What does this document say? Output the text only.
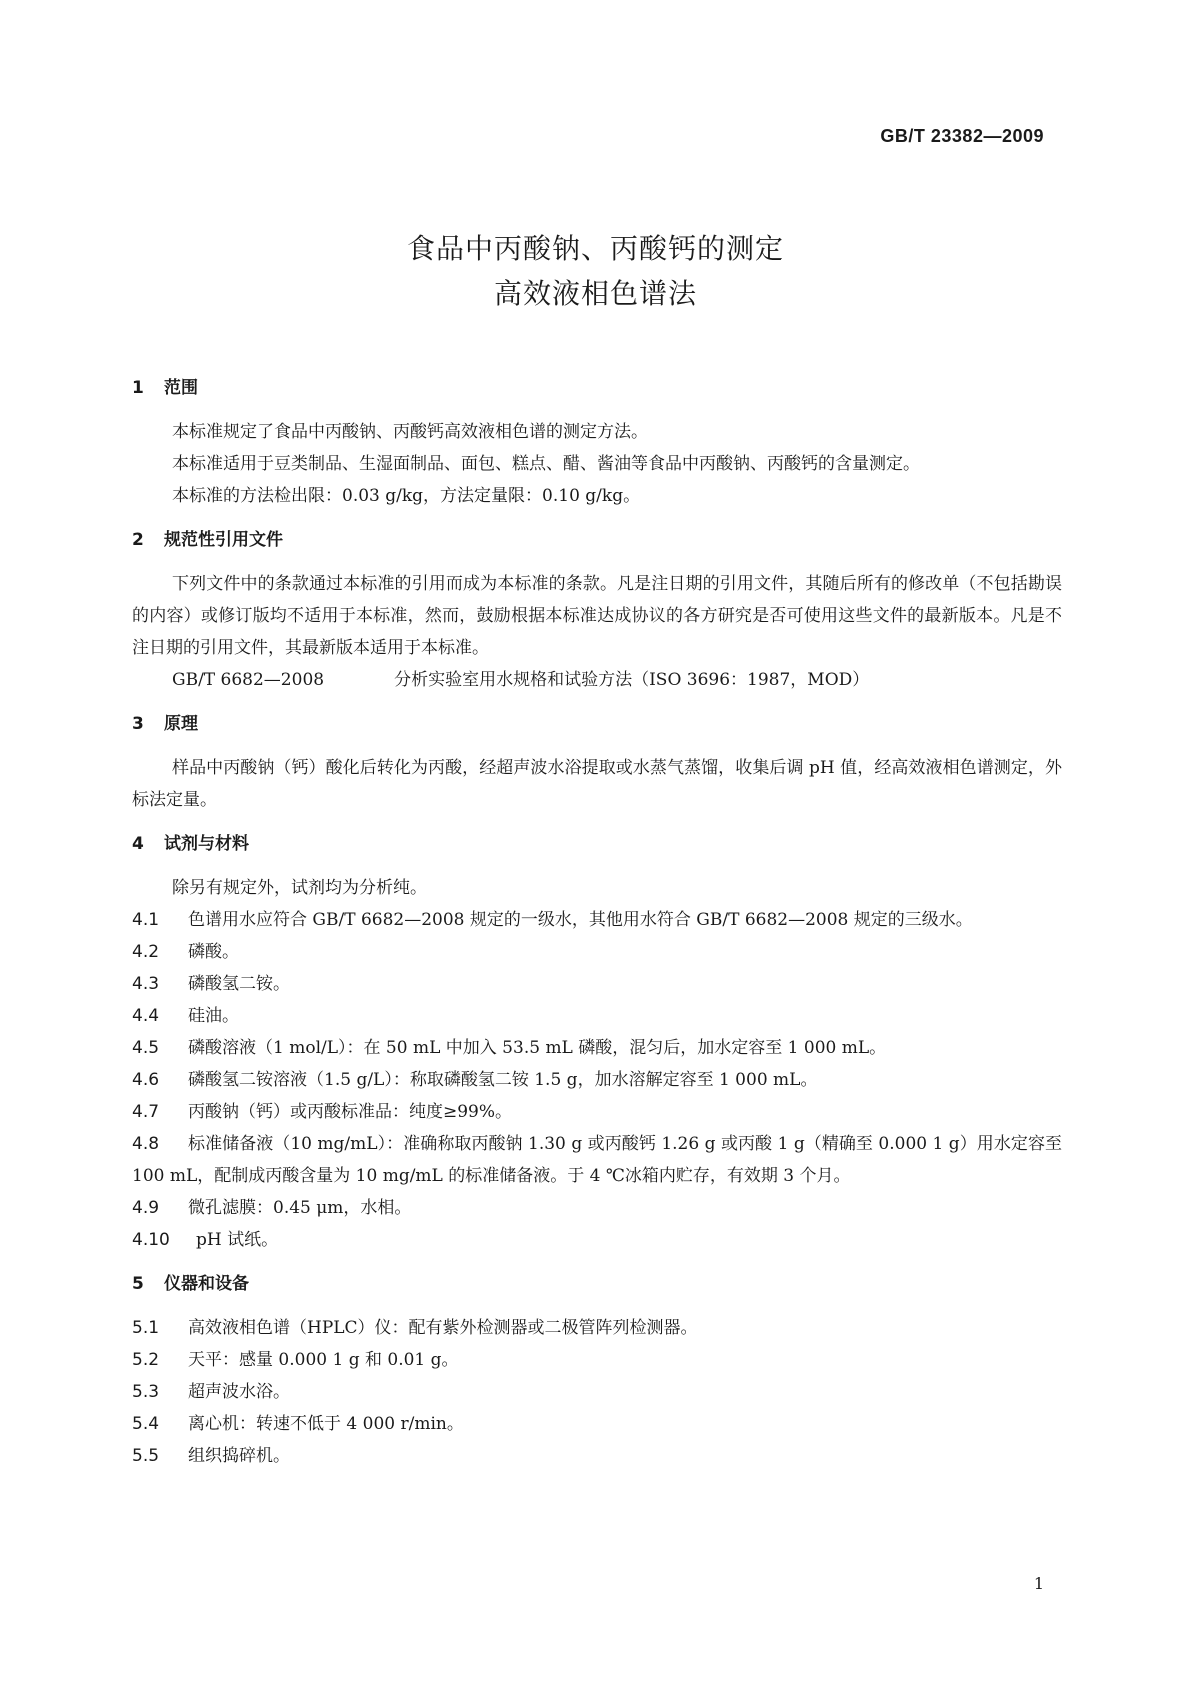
GB/T 23382—2009
食品中丙酸钠、丙酸钙的测定
高效液相色谱法
1 范围

本标准规定了食品中丙酸钠、丙酸钙高效液相色谱的测定方法。

本标准适用于豆类制品、生湿面制品、面包、糕点、醋、酱油等食品中丙酸钠、丙酸钙的含量测定。

本标准的方法检出限：0.03 g/kg，方法定量限：0.10 g/kg。

2 规范性引用文件

下列文件中的条款通过本标准的引用而成为本标准的条款。凡是注日期的引用文件，其随后所有的修改单（不包括勘误的内容）或修订版均不适用于本标准，然而，鼓励根据本标准达成协议的各方研究是否可使用这些文件的最新版本。凡是不注日期的引用文件，其最新版本适用于本标准。

GB/T 6682—2008	分析实验室用水规格和试验方法（ISO 3696：1987，MOD）

3 原理

样品中丙酸钠（钙）酸化后转化为丙酸，经超声波水浴提取或水蒸气蒸馏，收集后调 pH 值，经高效液相色谱测定，外标法定量。

4 试剂与材料

除另有规定外，试剂均为分析纯。

4.1 色谱用水应符合 GB/T 6682—2008 规定的一级水，其他用水符合 GB/T 6682—2008 规定的三级水。

4.2 磷酸。

4.3 磷酸氢二铵。

4.4 硅油。

4.5 磷酸溶液（1 mol/L）：在 50 mL 中加入 53.5 mL 磷酸，混匀后，加水定容至 1 000 mL。

4.6 磷酸氢二铵溶液（1.5 g/L）：称取磷酸氢二铵 1.5 g，加水溶解定容至 1 000 mL。

4.7 丙酸钠（钙）或丙酸标准品：纯度≥99%。

4.8 标准储备液（10 mg/mL）：准确称取丙酸钠 1.30 g 或丙酸钙 1.26 g 或丙酸 1 g（精确至 0.000 1 g）用水定容至 100 mL，配制成丙酸含量为 10 mg/mL 的标准储备液。于 4 ℃冰箱内贮存，有效期 3 个月。

4.9 微孔滤膜：0.45 μm，水相。

4.10 pH 试纸。

5 仪器和设备

5.1 高效液相色谱（HPLC）仪：配有紫外检测器或二极管阵列检测器。

5.2 天平：感量 0.000 1 g 和 0.01 g。

5.3 超声波水浴。

5.4 离心机：转速不低于 4 000 r/min。

5.5 组织捣碎机。

1
